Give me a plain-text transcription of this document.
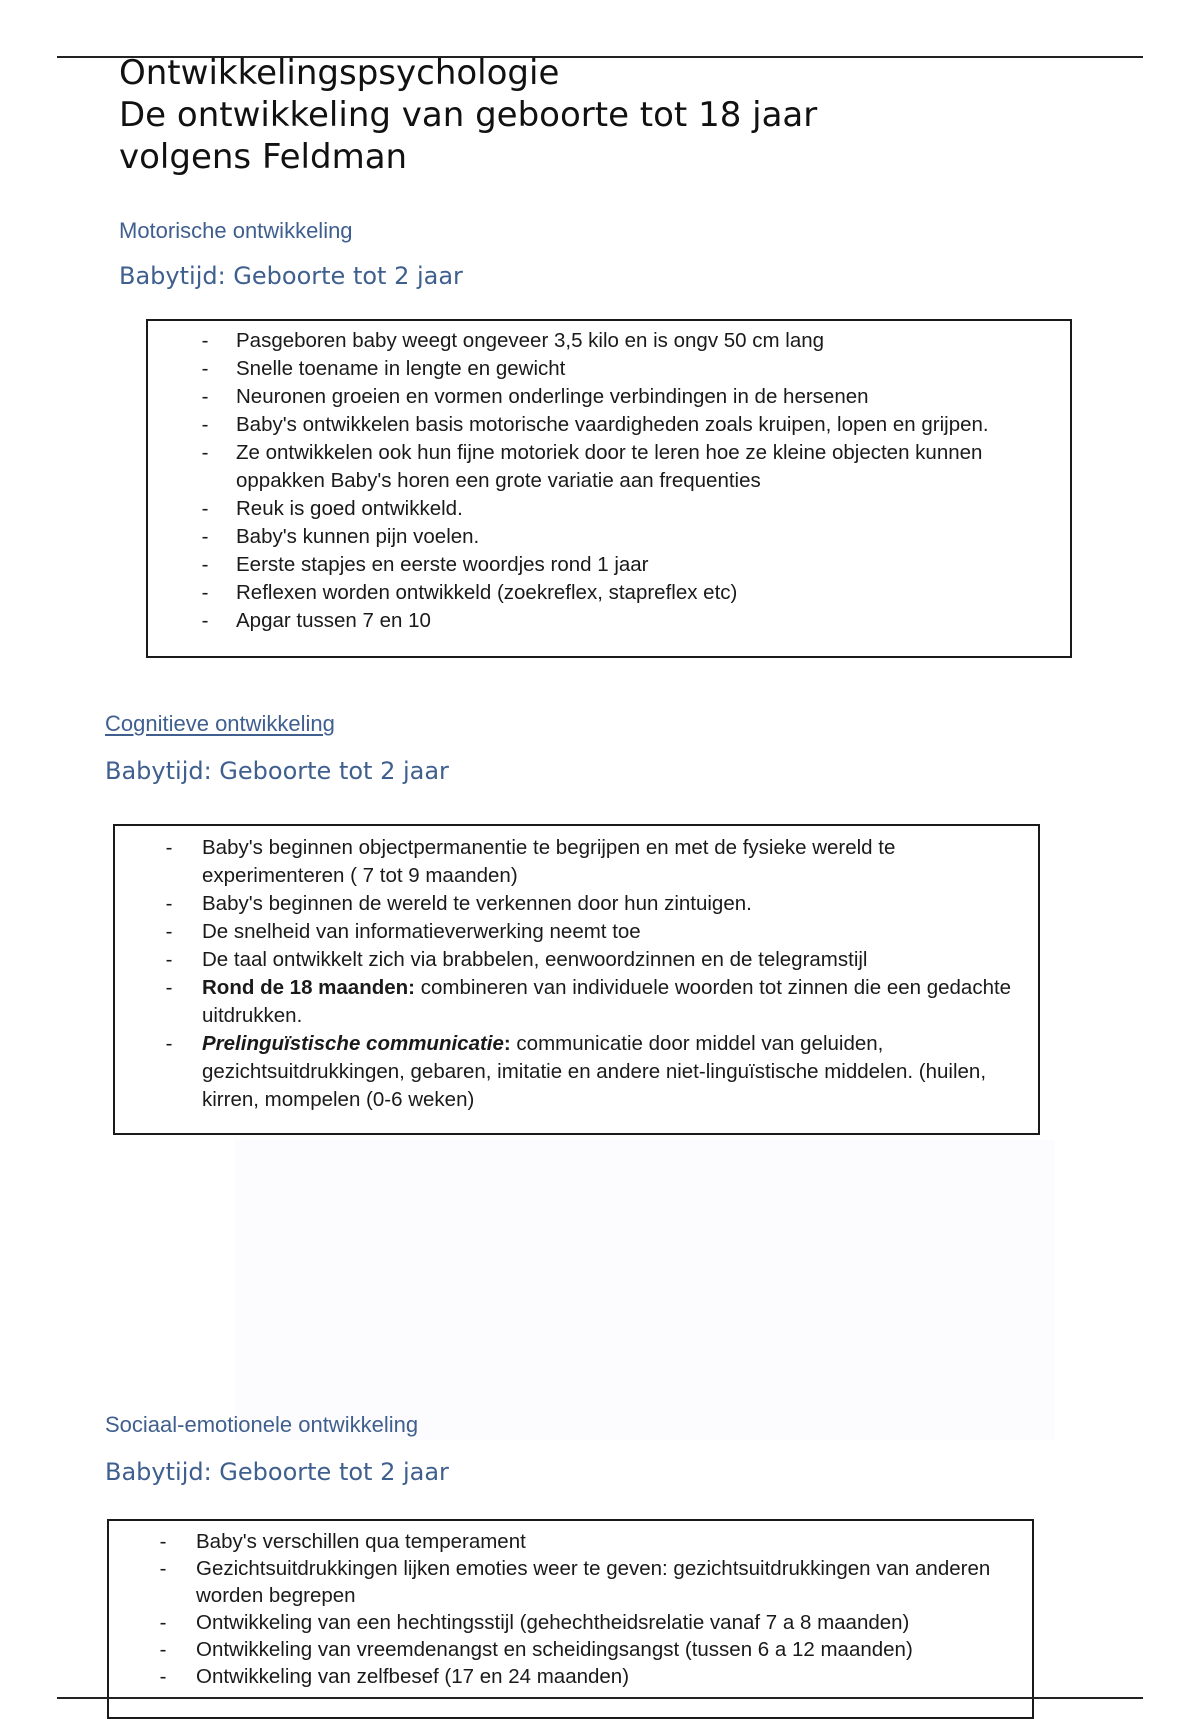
Ontwikkelingspsychologie
De ontwikkeling van geboorte tot 18 jaar
volgens Feldman
Motorische ontwikkeling
Babytijd: Geboorte tot 2 jaar
- Pasgeboren baby weegt ongeveer 3,5 kilo en is ongv 50 cm lang
- Snelle toename in lengte en gewicht
- Neuronen groeien en vormen onderlinge verbindingen in de hersenen
- Baby's ontwikkelen basis motorische vaardigheden zoals kruipen, lopen en grijpen.
- Ze ontwikkelen ook hun fijne motoriek door te leren hoe ze kleine objecten kunnen oppakken Baby's horen een grote variatie aan frequenties
- Reuk is goed ontwikkeld.
- Baby's kunnen pijn voelen.
- Eerste stapjes en eerste woordjes rond 1 jaar
- Reflexen worden ontwikkeld (zoekreflex, stapreflex etc)
- Apgar tussen 7 en 10
Cognitieve ontwikkeling
Babytijd: Geboorte tot 2 jaar
- Baby's beginnen objectpermanentie te begrijpen en met de fysieke wereld te experimenteren ( 7 tot 9 maanden)
- Baby's beginnen de wereld te verkennen door hun zintuigen.
- De snelheid van informatieverwerking neemt toe
- De taal ontwikkelt zich via brabbelen, eenwoordzinnen en de telegramstijl
- Rond de 18 maanden: combineren van individuele woorden tot zinnen die een gedachte uitdrukken.
- Prelinguïstische communicatie: communicatie door middel van geluiden, gezichtsuitdrukkingen, gebaren, imitatie en andere niet-linguïstische middelen. (huilen, kirren, mompelen (0-6 weken)
Sociaal-emotionele ontwikkeling
Babytijd: Geboorte tot 2 jaar
- Baby's verschillen qua temperament
- Gezichtsuitdrukkingen lijken emoties weer te geven: gezichtsuitdrukkingen van anderen worden begrepen
- Ontwikkeling van een hechtingsstijl (gehechtheidsrelatie vanaf 7 a 8 maanden)
- Ontwikkeling van vreemdenangst en scheidingsangst (tussen 6 a 12 maanden)
- Ontwikkeling van zelfbesef (17 en 24 maanden)
